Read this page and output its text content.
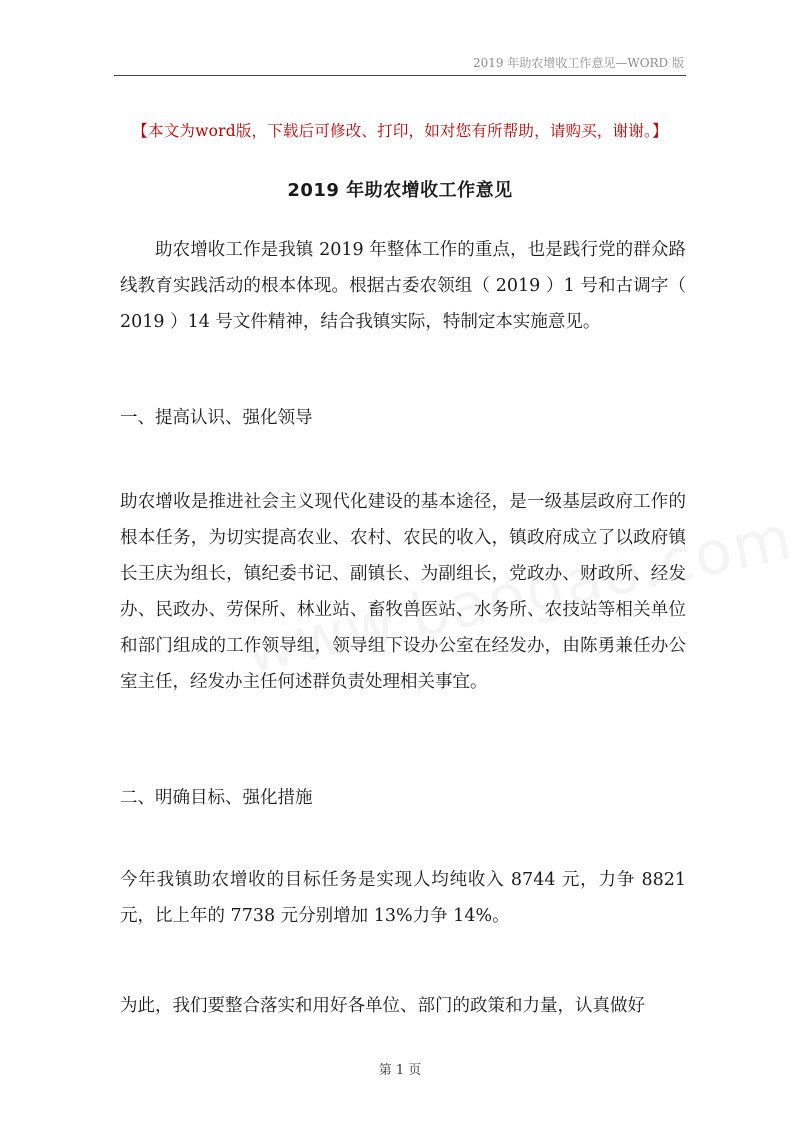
2019 年助农增收工作意见—WORD 版
【本文为word版，下载后可修改、打印，如对您有所帮助，请购买，谢谢。】
2019 年助农增收工作意见
助农增收工作是我镇 2019 年整体工作的重点，也是践行党的群众路线教育实践活动的根本体现。根据古委农领组（ 2019 ）1 号和古调字（ 2019 ）14 号文件精神，结合我镇实际，特制定本实施意见。
一、提高认识、强化领导
助农增收是推进社会主义现代化建设的基本途径，是一级基层政府工作的根本任务，为切实提高农业、农村、农民的收入，镇政府成立了以政府镇长王庆为组长，镇纪委书记、副镇长、为副组长，党政办、财政所、经发办、民政办、劳保所、林业站、畜牧兽医站、水务所、农技站等相关单位和部门组成的工作领导组，领导组下设办公室在经发办，由陈勇兼任办公室主任，经发办主任何述群负责处理相关事宜。
二、明确目标、强化措施
今年我镇助农增收的目标任务是实现人均纯收入 8744 元，力争 8821 元，比上年的 7738 元分别增加 13%力争 14%。
为此，我们要整合落实和用好各单位、部门的政策和力量，认真做好
第 1 页
